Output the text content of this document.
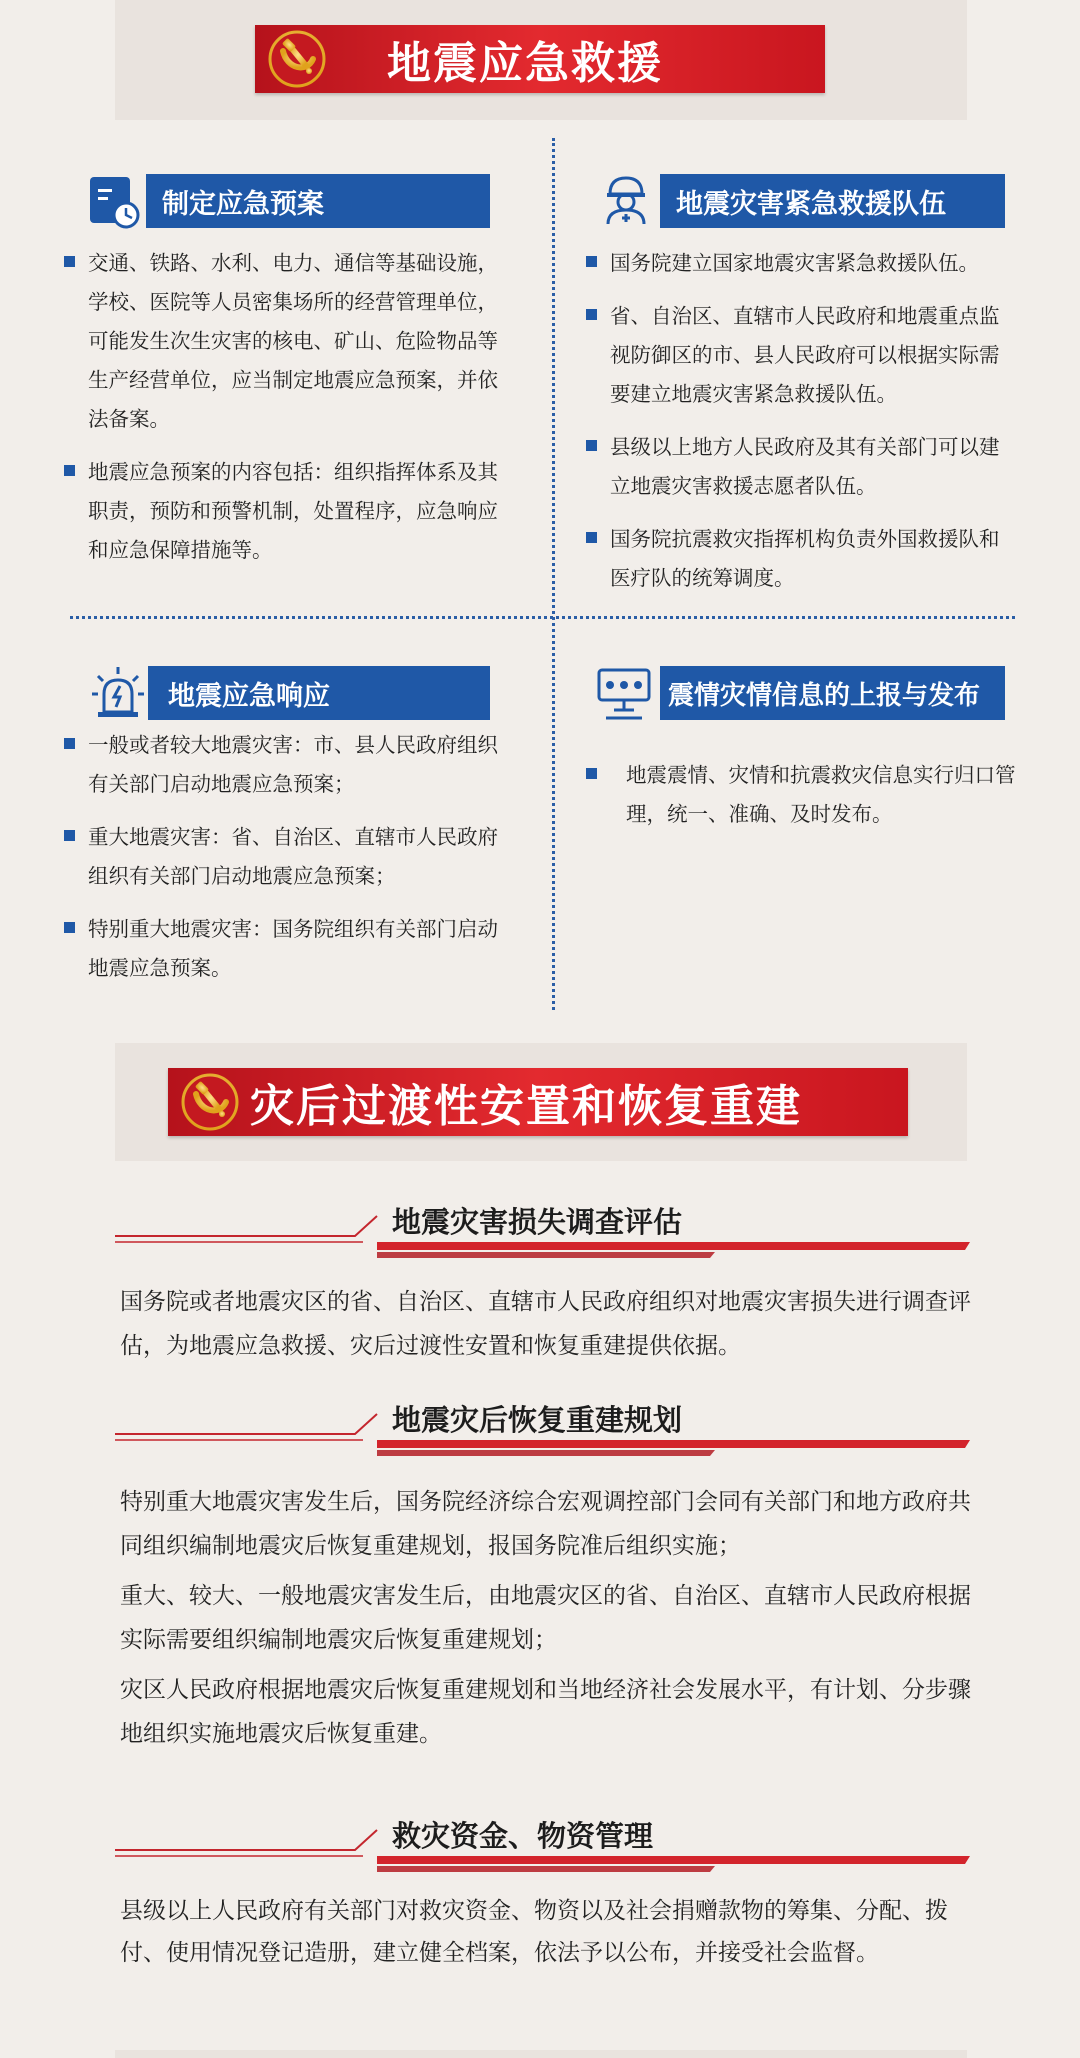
地震应急救援
制定应急预案
交通、铁路、水利、电力、通信等基础设施，学校、医院等人员密集场所的经营管理单位，可能发生次生灾害的核电、矿山、危险物品等生产经营单位，应当制定地震应急预案，并依法备案。
地震应急预案的内容包括：组织指挥体系及其职责，预防和预警机制，处置程序，应急响应和应急保障措施等。
地震灾害紧急救援队伍
国务院建立国家地震灾害紧急救援队伍。
省、自治区、直辖市人民政府和地震重点监视防御区的市、县人民政府可以根据实际需要建立地震灾害紧急救援队伍。
县级以上地方人民政府及其有关部门可以建立地震灾害救援志愿者队伍。
国务院抗震救灾指挥机构负责外国救援队和医疗队的统筹调度。
地震应急响应
一般或者较大地震灾害：市、县人民政府组织有关部门启动地震应急预案；
重大地震灾害：省、自治区、直辖市人民政府组织有关部门启动地震应急预案；
特别重大地震灾害：国务院组织有关部门启动地震应急预案。
震情灾情信息的上报与发布
地震震情、灾情和抗震救灾信息实行归口管理，统一、准确、及时发布。
灾后过渡性安置和恢复重建
地震灾害损失调查评估

国务院或者地震灾区的省、自治区、直辖市人民政府组织对地震灾害损失进行调查评估，为地震应急救援、灾后过渡性安置和恢复重建提供依据。

地震灾后恢复重建规划

特别重大地震灾害发生后，国务院经济综合宏观调控部门会同有关部门和地方政府共同组织编制地震灾后恢复重建规划，报国务院准后组织实施；

重大、较大、一般地震灾害发生后，由地震灾区的省、自治区、直辖市人民政府根据实际需要组织编制地震灾后恢复重建规划；

灾区人民政府根据地震灾后恢复重建规划和当地经济社会发展水平，有计划、分步骤地组织实施地震灾后恢复重建。

救灾资金、物资管理

县级以上人民政府有关部门对救灾资金、物资以及社会捐赠款物的筹集、分配、拨付、使用情况登记造册，建立健全档案，依法予以公布，并接受社会监督。
